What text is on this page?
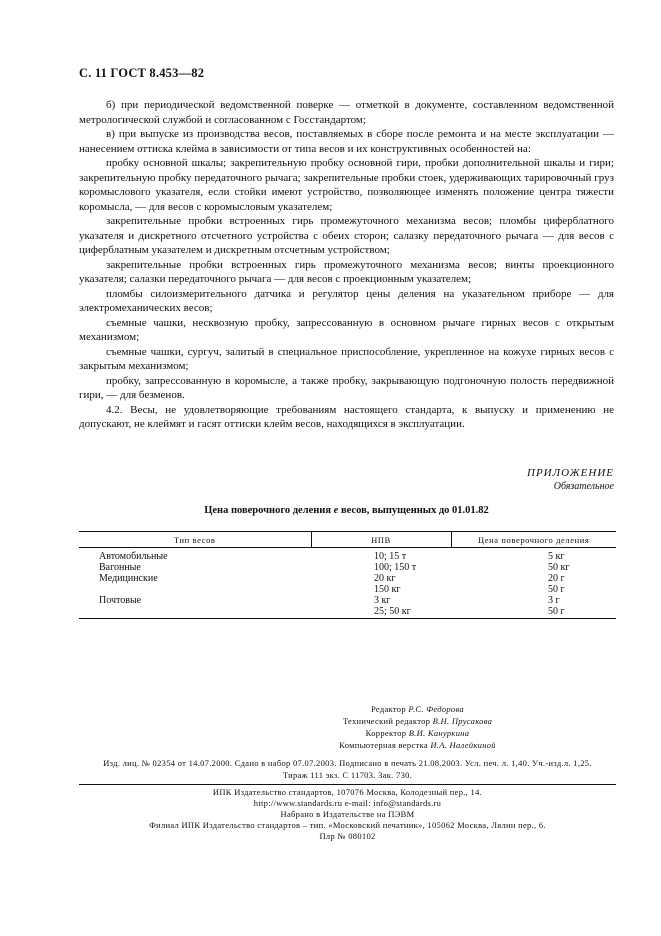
С. 11 ГОСТ 8.453—82

б) при периодической ведомственной поверке — отметкой в документе, составленном ведомственной метрологической службой и согласованном с Госстандартом;

в) при выпуске из производства весов, поставляемых в сборе после ремонта и на месте эксплуатации — нанесением оттиска клейма в зависимости от типа весов и их конструктивных особенностей на:

пробку основной шкалы; закрепительную пробку основной гири, пробки дополнительной шкалы и гири; закрепительную пробку передаточного рычага; закрепительные пробки стоек, удерживающих тарировочный груз коромыслового указателя, если стойки имеют устройство, позволяющее изменять положение центра тяжести коромысла, — для весов с коромысловым указателем;

закрепительные пробки встроенных гирь промежуточного механизма весов; пломбы циферблатного указателя и дискретного отсчетного устройства с обеих сторон; салазку передаточного рычага — для весов с циферблатным указателем и дискретным отсчетным устройством;

закрепительные пробки встроенных гирь промежуточного механизма весов; винты проекционного указателя; салазки передаточного рычага — для весов с проекционным указателем;

пломбы силоизмерительного датчика и регулятор цены деления на указательном приборе — для электромеханических весов;

съемные чашки, несквозную пробку, запрессованную в основном рычаге гирных весов с открытым механизмом;

съемные чашки, сургуч, залитый в специальное приспособление, укрепленное на кожухе гирных весов с закрытым механизмом;

пробку, запрессованную в коромысле, а также пробку, закрывающую подгоночную полость передвижной гири, — для безменов.

4.2. Весы, не удовлетворяющие требованиям настоящего стандарта, к выпуску и применению не допускают, не клеймят и гасят оттиски клейм весов, находящихся в эксплуатации.

ПРИЛОЖЕНИЕ
Обязательное
Цена поверочного деления e весов, выпущенных до 01.01.82
Тип весов	НПВ	Цена поверочного деления
Автомобильные	10; 15 т	5 кг
Вагонные	100; 150 т	50 кг
Медицинские	20 кг	20 г
	150 кг	50 г
Почтовые	3 кг	3 г
	25; 50 кг	50 г
Редактор Р.С. Федорова
Технический редактор В.Н. Прусакова
Корректор В.И. Кануркина
Компьютерная верстка И.А. Налейкиной
Изд. лиц. № 02354 от 14.07.2000. Сдано в набор 07.07.2003. Подписано в печать 21.08.2003. Усл. печ. л. 1,40. Уч.-изд.л. 1,25.
Тираж 111 экз. С 11703. Зак. 730.
ИПК Издательство стандартов, 107076 Москва, Колодезный пер., 14.
http://www.standards.ru e-mail: info@standards.ru
Набрано в Издательстве на ПЭВМ
Филиал ИПК Издательство стандартов – тип. «Московский печатник», 105062 Москва, Лялин пер., 6.
Плр № 080102
